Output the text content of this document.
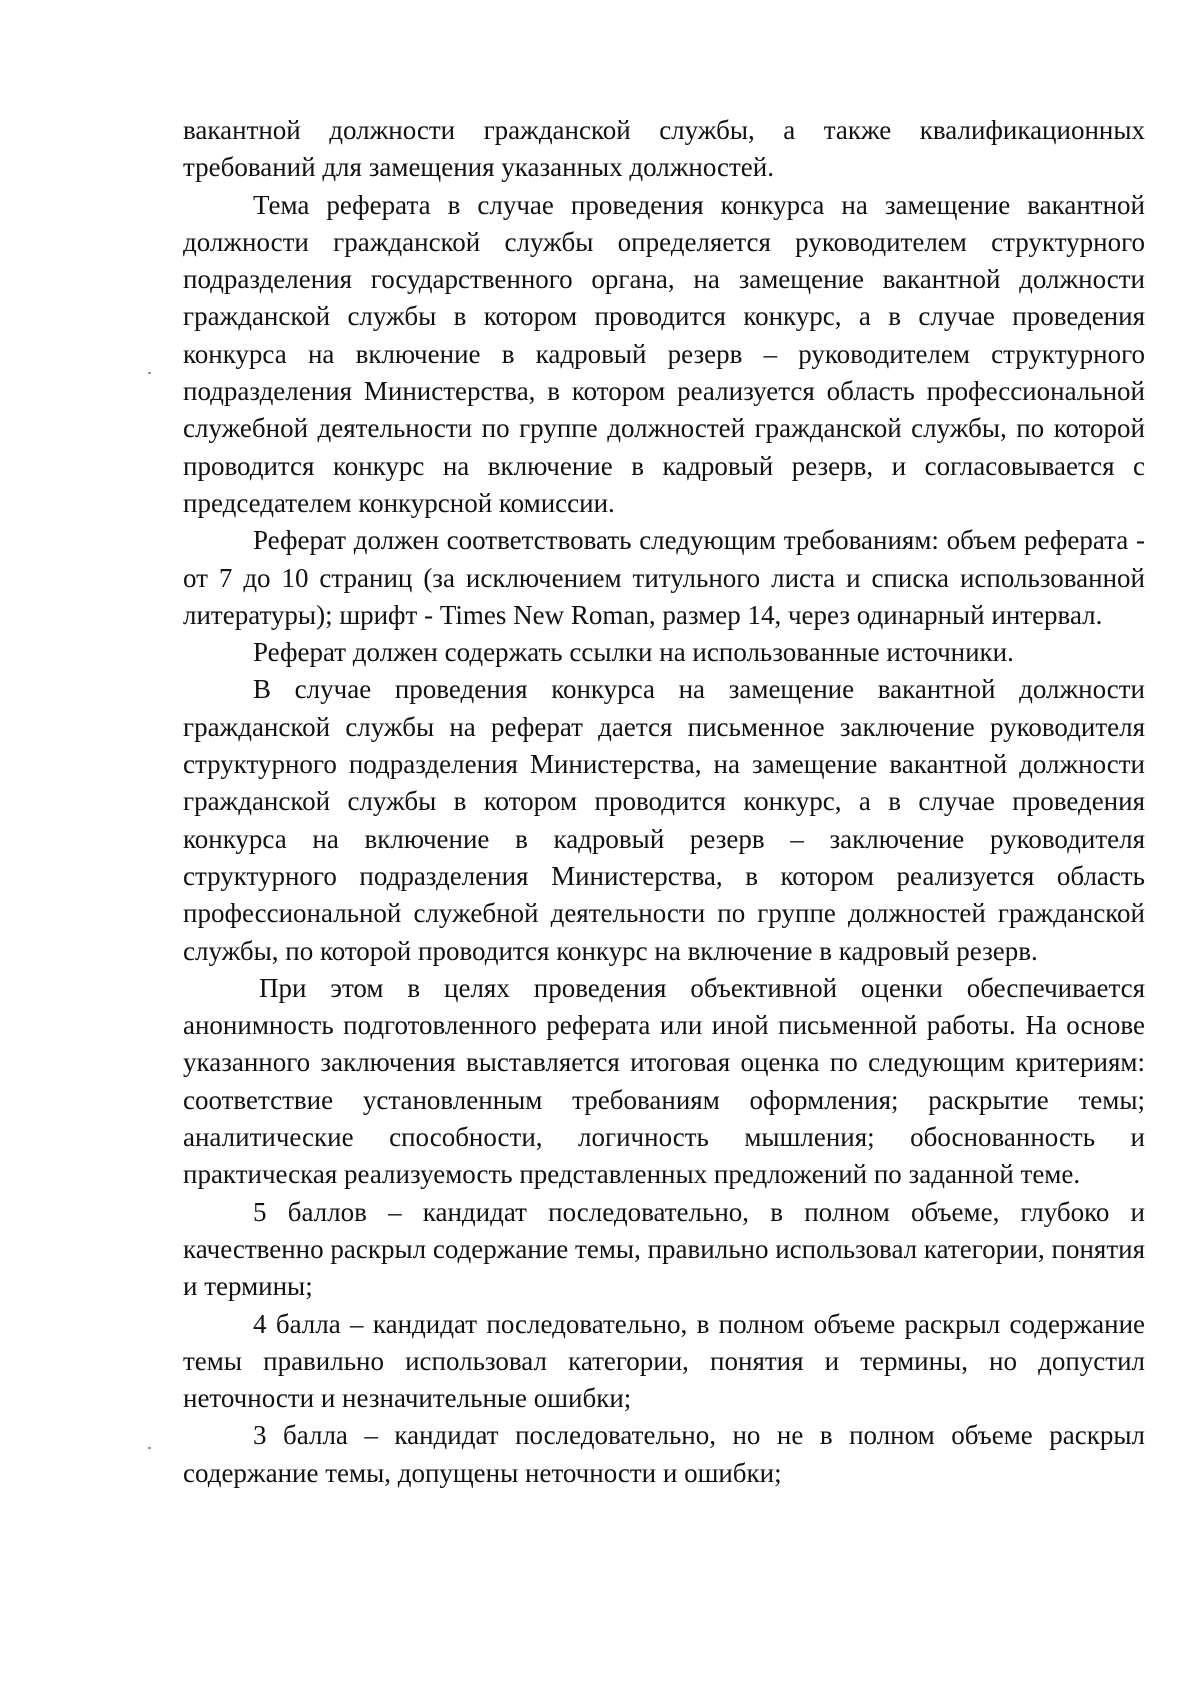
вакантной должности гражданской службы, а также квалификационных требований для замещения указанных должностей.

Тема реферата в случае проведения конкурса на замещение вакантной должности гражданской службы определяется руководителем структурного подразделения государственного органа, на замещение вакантной должности гражданской службы в котором проводится конкурс, а в случае проведения конкурса на включение в кадровый резерв – руководителем структурного подразделения Министерства, в котором реализуется область профессиональной служебной деятельности по группе должностей гражданской службы, по которой проводится конкурс на включение в кадровый резерв, и согласовывается с председателем конкурсной комиссии.

Реферат должен соответствовать следующим требованиям: объем реферата - от 7 до 10 страниц (за исключением титульного листа и списка использованной литературы); шрифт - Times New Roman, размер 14, через одинарный интервал.

Реферат должен содержать ссылки на использованные источники.

В случае проведения конкурса на замещение вакантной должности гражданской службы на реферат дается письменное заключение руководителя структурного подразделения Министерства, на замещение вакантной должности гражданской службы в котором проводится конкурс, а в случае проведения конкурса на включение в кадровый резерв – заключение руководителя структурного подразделения Министерства, в котором реализуется область профессиональной служебной деятельности по группе должностей гражданской службы, по которой проводится конкурс на включение в кадровый резерв.

При этом в целях проведения объективной оценки обеспечивается анонимность подготовленного реферата или иной письменной работы. На основе указанного заключения выставляется итоговая оценка по следующим критериям: соответствие установленным требованиям оформления; раскрытие темы; аналитические способности, логичность мышления; обоснованность и практическая реализуемость представленных предложений по заданной теме.

5 баллов – кандидат последовательно, в полном объеме, глубоко и качественно раскрыл содержание темы, правильно использовал категории, понятия и термины;

4 балла – кандидат последовательно, в полном объеме раскрыл содержание темы правильно использовал категории, понятия и термины, но допустил неточности и незначительные ошибки;

3 балла – кандидат последовательно, но не в полном объеме раскрыл содержание темы, допущены неточности и ошибки;
